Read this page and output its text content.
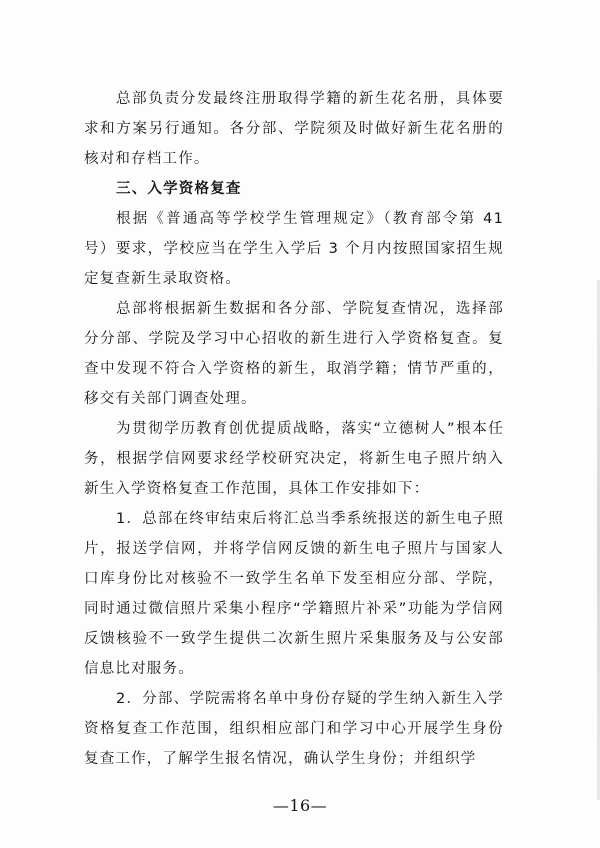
总部负责分发最终注册取得学籍的新生花名册，具体要求和方案另行通知。各分部、学院须及时做好新生花名册的核对和存档工作。

三、入学资格复查

根据《普通高等学校学生管理规定》（教育部令第 41号）要求，学校应当在学生入学后 3 个月内按照国家招生规定复查新生录取资格。

总部将根据新生数据和各分部、学院复查情况，选择部分分部、学院及学习中心招收的新生进行入学资格复查。复查中发现不符合入学资格的新生，取消学籍；情节严重的，移交有关部门调查处理。

为贯彻学历教育创优提质战略，落实“立德树人”根本任务，根据学信网要求经学校研究决定，将新生电子照片纳入新生入学资格复查工作范围，具体工作安排如下：

1．总部在终审结束后将汇总当季系统报送的新生电子照片，报送学信网，并将学信网反馈的新生电子照片与国家人口库身份比对核验不一致学生名单下发至相应分部、学院，同时通过微信照片采集小程序“学籍照片补采”功能为学信网反馈核验不一致学生提供二次新生照片采集服务及与公安部信息比对服务。

2．分部、学院需将名单中身份存疑的学生纳入新生入学资格复查工作范围，组织相应部门和学习中心开展学生身份复查工作，了解学生报名情况，确认学生身份；并组织学

—16—
